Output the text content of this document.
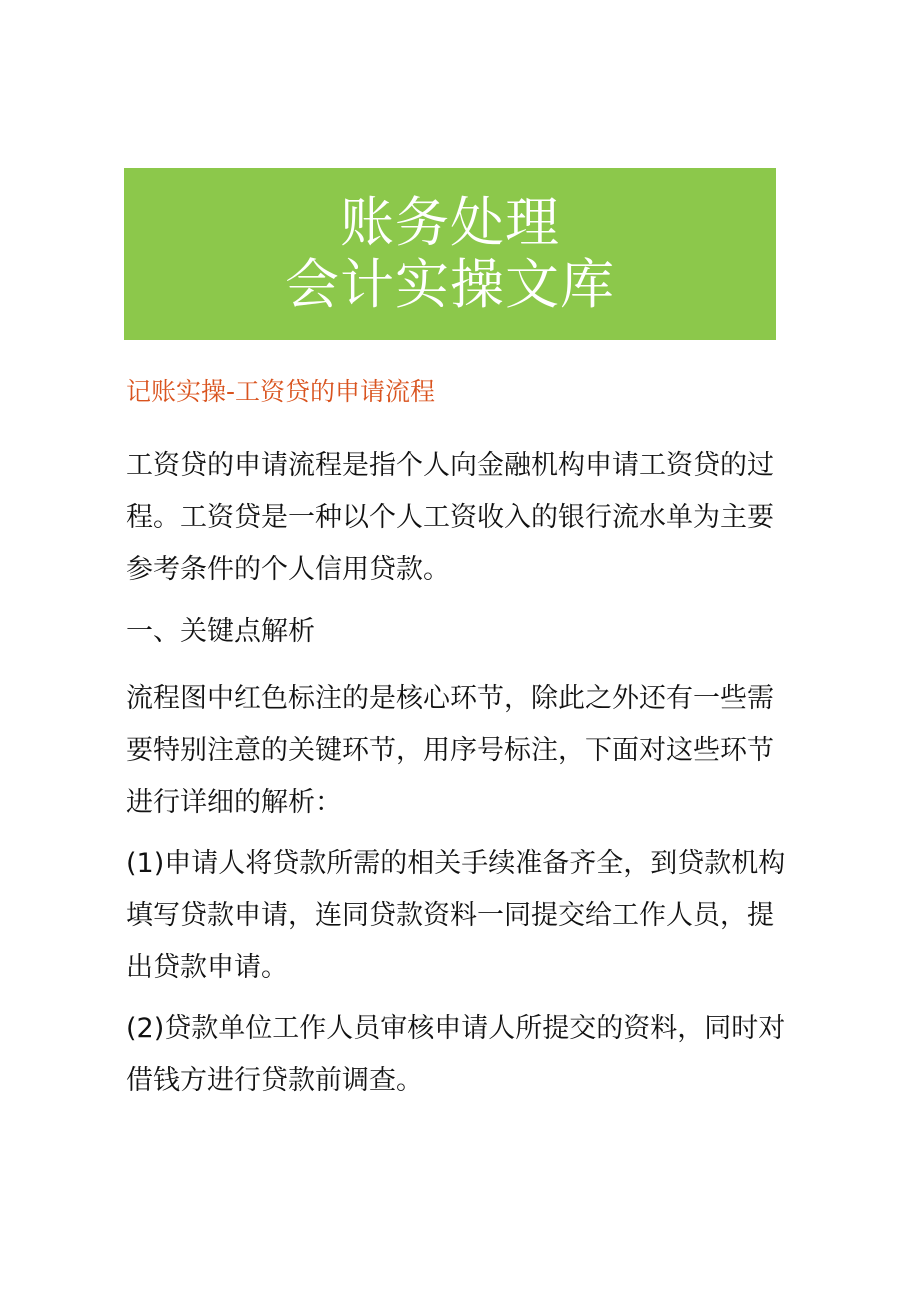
账务处理
会计实操文库
记账实操-工资贷的申请流程
工资贷的申请流程是指个人向金融机构申请工资贷的过程。工资贷是一种以个人工资收入的银行流水单为主要参考条件的个人信用贷款。
一、关键点解析
流程图中红色标注的是核心环节，除此之外还有一些需要特别注意的关键环节，用序号标注，下面对这些环节进行详细的解析：
(1)申请人将贷款所需的相关手续准备齐全，到贷款机构填写贷款申请，连同贷款资料一同提交给工作人员，提出贷款申请。
(2)贷款单位工作人员审核申请人所提交的资料，同时对借钱方进行贷款前调查。
